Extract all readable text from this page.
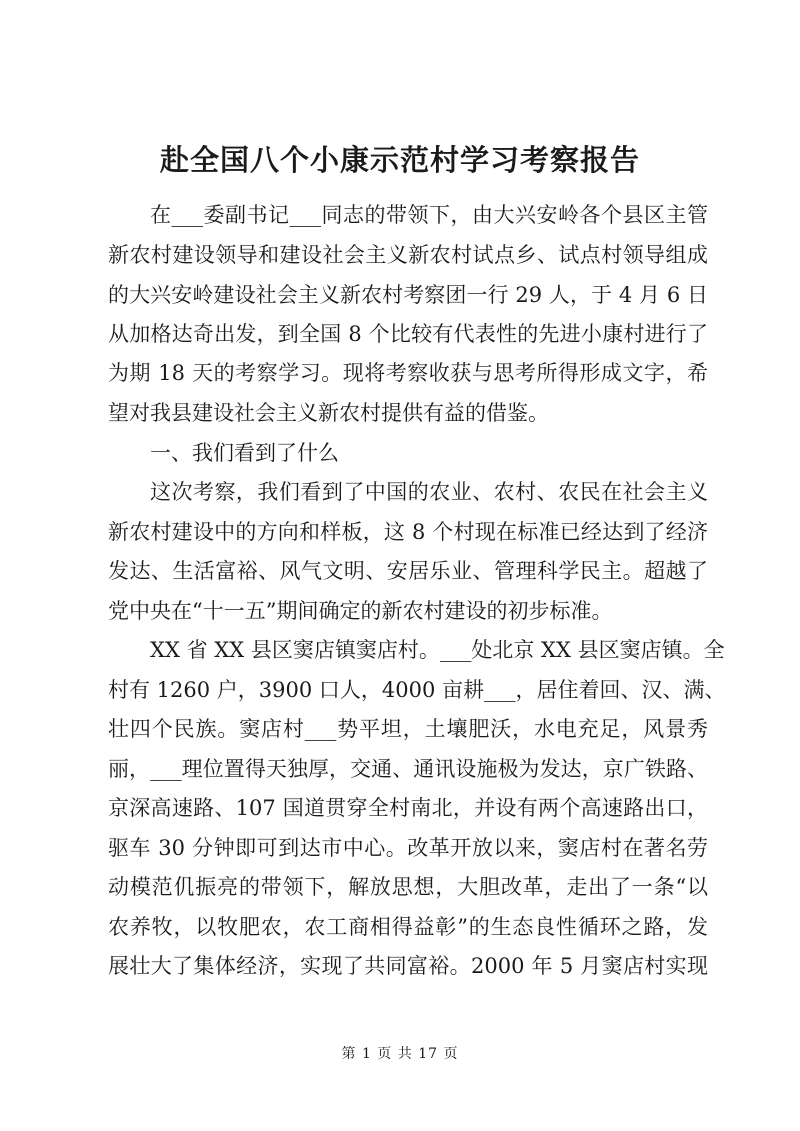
赴全国八个小康示范村学习考察报告
在___委副书记___同志的带领下，由大兴安岭各个县区主管
新农村建设领导和建设社会主义新农村试点乡、试点村领导组成
的大兴安岭建设社会主义新农村考察团一行 29 人，于 4 月 6 日
从加格达奇出发，到全国 8 个比较有代表性的先进小康村进行了
为期 18 天的考察学习。现将考察收获与思考所得形成文字，希
望对我县建设社会主义新农村提供有益的借鉴。
一、我们看到了什么
这次考察，我们看到了中国的农业、农村、农民在社会主义
新农村建设中的方向和样板，这 8 个村现在标准已经达到了经济
发达、生活富裕、风气文明、安居乐业、管理科学民主。超越了
党中央在“十一五”期间确定的新农村建设的初步标准。
XX 省 XX 县区窦店镇窦店村。___处北京 XX 县区窦店镇。全
村有 1260 户，3900 口人，4000 亩耕___，居住着回、汉、满、
壮四个民族。窦店村___势平坦，土壤肥沃，水电充足，风景秀
丽，___理位置得天独厚，交通、通讯设施极为发达，京广铁路、
京深高速路、107 国道贯穿全村南北，并设有两个高速路出口，
驱车 30 分钟即可到达市中心。改革开放以来，窦店村在著名劳
动模范仉振亮的带领下，解放思想，大胆改革，走出了一条“以
农养牧，以牧肥农，农工商相得益彰”的生态良性循环之路，发
展壮大了集体经济，实现了共同富裕。2000 年 5 月窦店村实现
第 1 页 共 17 页
